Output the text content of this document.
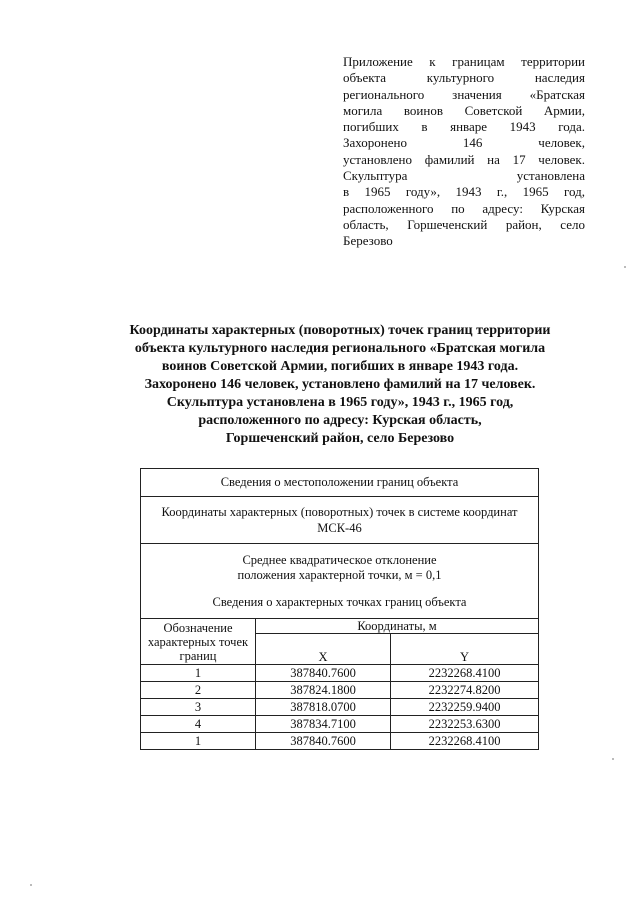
Приложение к границам территории
объекта культурного наследия
регионального значения «Братская
могила воинов Советской Армии,
погибших в январе 1943 года.
Захоронено 146 человек,
установлено фамилий на 17 человек.
Скульптура установлена
в 1965 году», 1943 г., 1965 год,
расположенного по адресу: Курская
область, Горшеченский район, село
Березово
Координаты характерных (поворотных) точек границ территории
объекта культурного наследия регионального «Братская могила
воинов Советской Армии, погибших в январе 1943 года.
Захоронено 146 человек, установлено фамилий на 17 человек.
Скульптура установлена в 1965 году», 1943 г., 1965 год,
расположенного по адресу: Курская область,
Горшеченский район, село Березово
Сведения о местоположении границ объекта		
Координаты характерных (поворотных) точек в системе координат
МСК-46		
Среднее квадратическое отклонение
положения характерной точки, м = 0,1
Сведения о характерных точках границ объекта		
Обозначение
характерных точек
границ	Координаты, м	
	X	Y
1	387840.7600	2232268.4100
2	387824.1800	2232274.8200
3	387818.0700	2232259.9400
4	387834.7100	2232253.6300
1	387840.7600	2232268.4100
